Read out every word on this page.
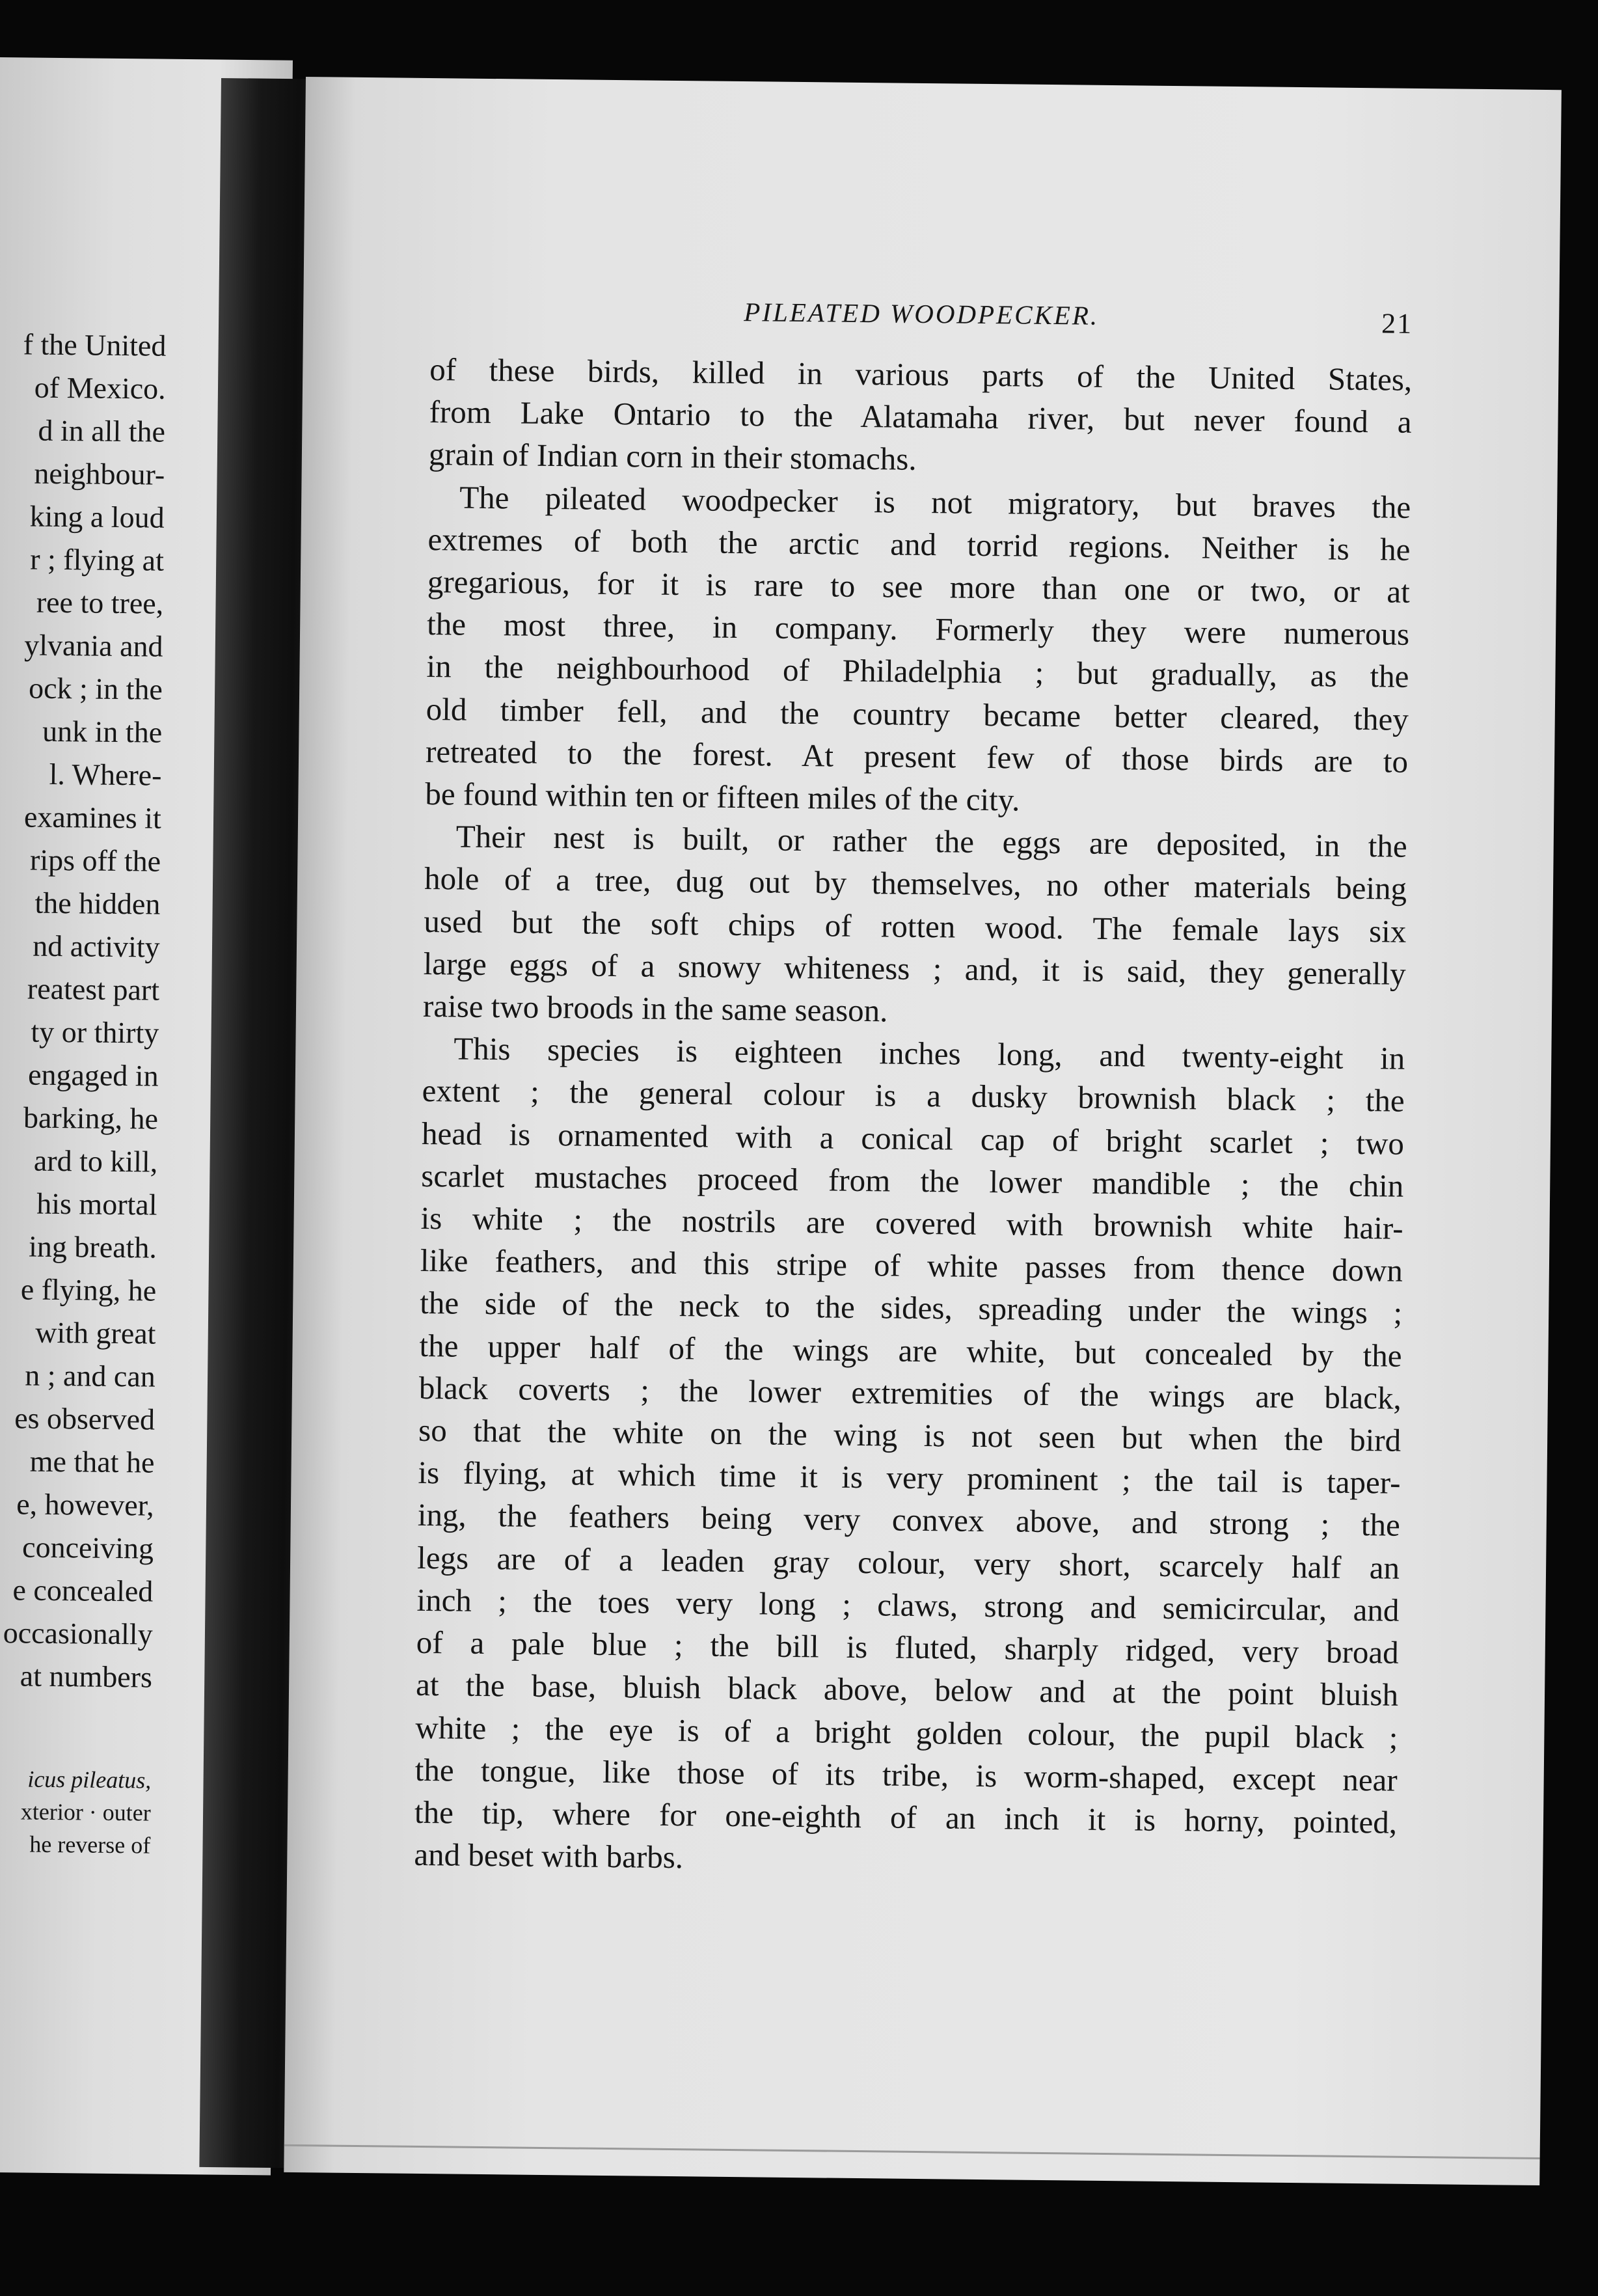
f the United
of Mexico.
d in all the
neighbour-
king a loud
r ; flying at
ree to tree,
ylvania and
ock ; in the
unk in the
l. Where-
examines it
rips off the
the hidden
nd activity
reatest part
ty or thirty
engaged in
barking, he
ard to kill,
his mortal
ing breath.
e flying, he
with great
n ; and can
es observed
me that he
e, however,
conceiving
e concealed
occasionally
at numbers
icus pileatus,
xterior · outer
he reverse of
PILEATED WOODPECKER.	21
of these birds, killed in various parts of the United States,
from Lake Ontario to the Alatamaha river, but never found a
grain of Indian corn in their stomachs.
The pileated woodpecker is not migratory, but braves the
extremes of both the arctic and torrid regions. Neither is he
gregarious, for it is rare to see more than one or two, or at
the most three, in company. Formerly they were numerous
in the neighbourhood of Philadelphia ; but gradually, as the
old timber fell, and the country became better cleared, they
retreated to the forest. At present few of those birds are to
be found within ten or fifteen miles of the city.
Their nest is built, or rather the eggs are deposited, in the
hole of a tree, dug out by themselves, no other materials being
used but the soft chips of rotten wood. The female lays six
large eggs of a snowy whiteness ; and, it is said, they generally
raise two broods in the same season.
This species is eighteen inches long, and twenty-eight in
extent ; the general colour is a dusky brownish black ; the
head is ornamented with a conical cap of bright scarlet ; two
scarlet mustaches proceed from the lower mandible ; the chin
is white ; the nostrils are covered with brownish white hair-
like feathers, and this stripe of white passes from thence down
the side of the neck to the sides, spreading under the wings ;
the upper half of the wings are white, but concealed by the
black coverts ; the lower extremities of the wings are black,
so that the white on the wing is not seen but when the bird
is flying, at which time it is very prominent ; the tail is taper-
ing, the feathers being very convex above, and strong ; the
legs are of a leaden gray colour, very short, scarcely half an
inch ; the toes very long ; claws, strong and semicircular, and
of a pale blue ; the bill is fluted, sharply ridged, very broad
at the base, bluish black above, below and at the point bluish
white ; the eye is of a bright golden colour, the pupil black ;
the tongue, like those of its tribe, is worm-shaped, except near
the tip, where for one-eighth of an inch it is horny, pointed,
and beset with barbs.
